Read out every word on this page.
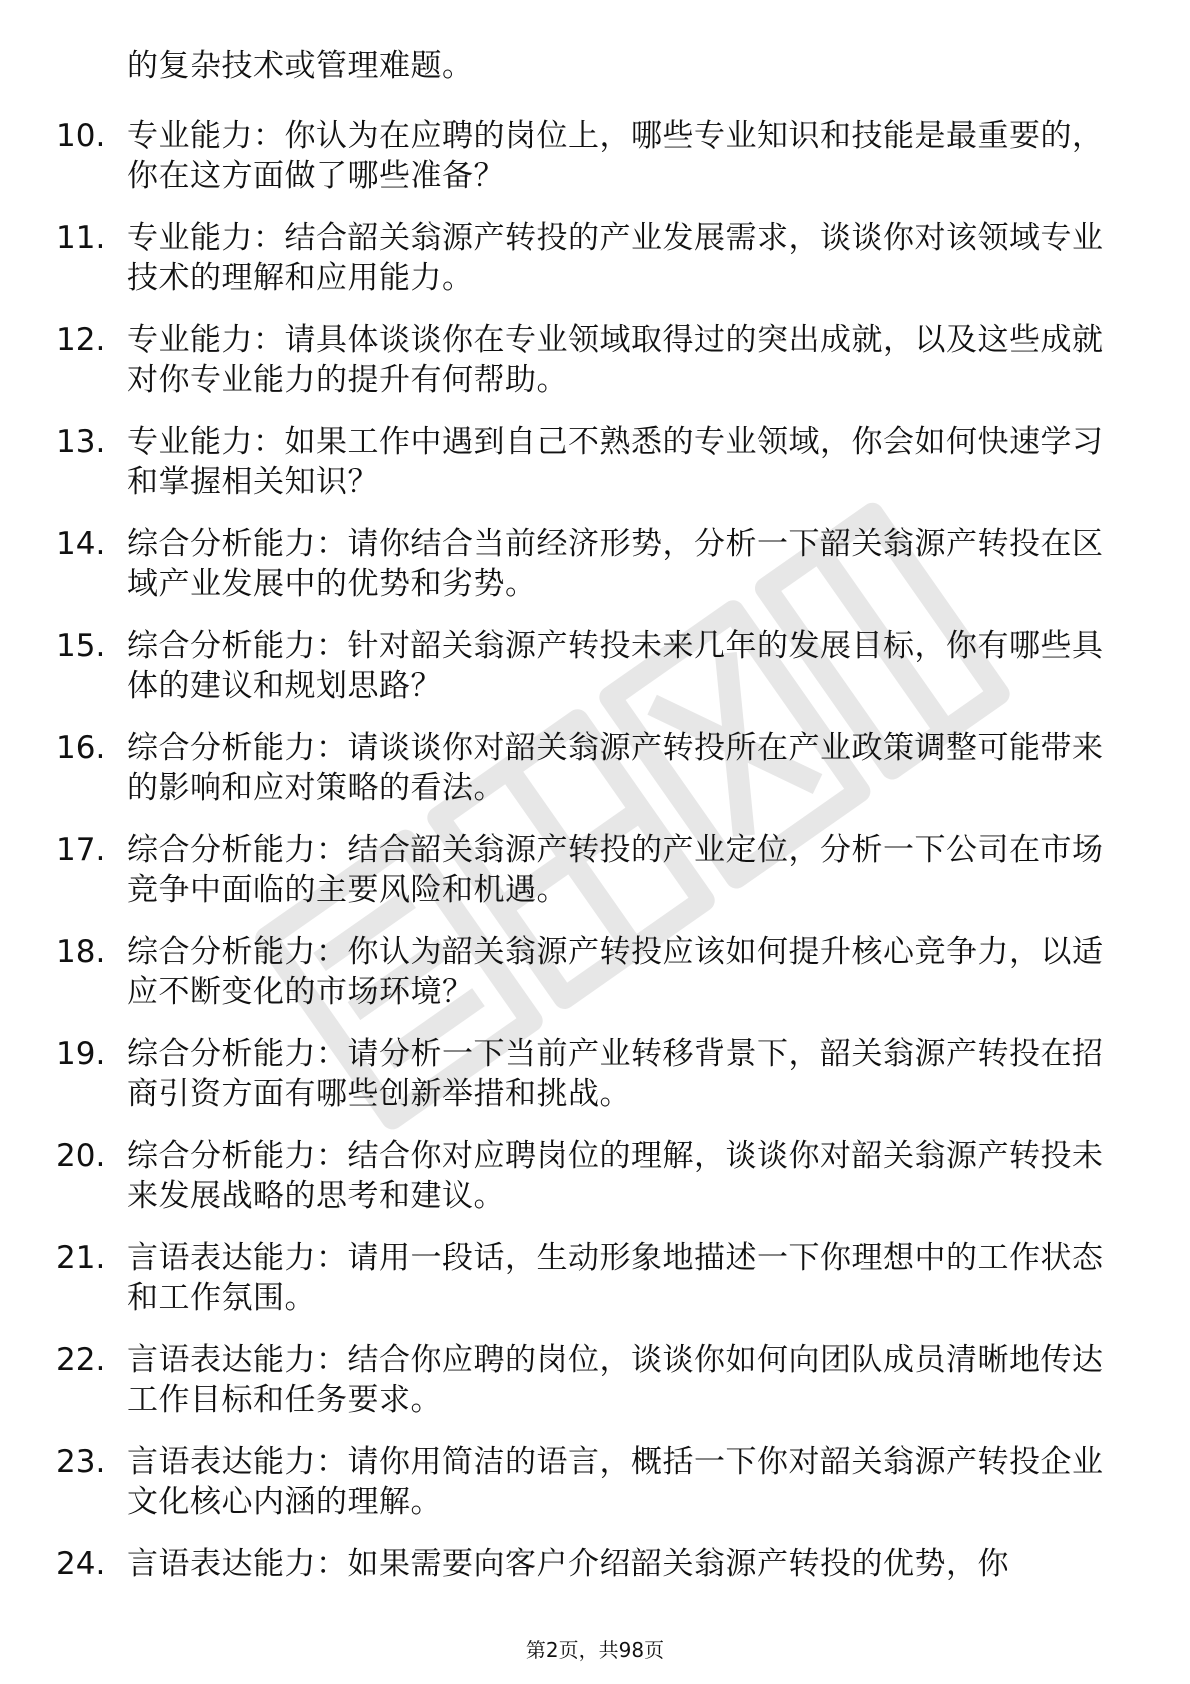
的复杂技术或管理难题。
10. 专业能力：你认为在应聘的岗位上，哪些专业知识和技能是最重要的，你在这方面做了哪些准备？
11. 专业能力：结合韶关翁源产转投的产业发展需求，谈谈你对该领域专业技术的理解和应用能力。
12. 专业能力：请具体谈谈你在专业领域取得过的突出成就，以及这些成就对你专业能力的提升有何帮助。
13. 专业能力：如果工作中遇到自己不熟悉的专业领域，你会如何快速学习和掌握相关知识？
14. 综合分析能力：请你结合当前经济形势，分析一下韶关翁源产转投在区域产业发展中的优势和劣势。
15. 综合分析能力：针对韶关翁源产转投未来几年的发展目标，你有哪些具体的建议和规划思路？
16. 综合分析能力：请谈谈你对韶关翁源产转投所在产业政策调整可能带来的影响和应对策略的看法。
17. 综合分析能力：结合韶关翁源产转投的产业定位，分析一下公司在市场竞争中面临的主要风险和机遇。
18. 综合分析能力：你认为韶关翁源产转投应该如何提升核心竞争力，以适应不断变化的市场环境？
19. 综合分析能力：请分析一下当前产业转移背景下，韶关翁源产转投在招商引资方面有哪些创新举措和挑战。
20. 综合分析能力：结合你对应聘岗位的理解，谈谈你对韶关翁源产转投未来发展战略的思考和建议。
21. 言语表达能力：请用一段话，生动形象地描述一下你理想中的工作状态和工作氛围。
22. 言语表达能力：结合你应聘的岗位，谈谈你如何向团队成员清晰地传达工作目标和任务要求。
23. 言语表达能力：请你用简洁的语言，概括一下你对韶关翁源产转投企业文化核心内涵的理解。
24. 言语表达能力：如果需要向客户介绍韶关翁源产转投的优势，你
第2页，共98页
